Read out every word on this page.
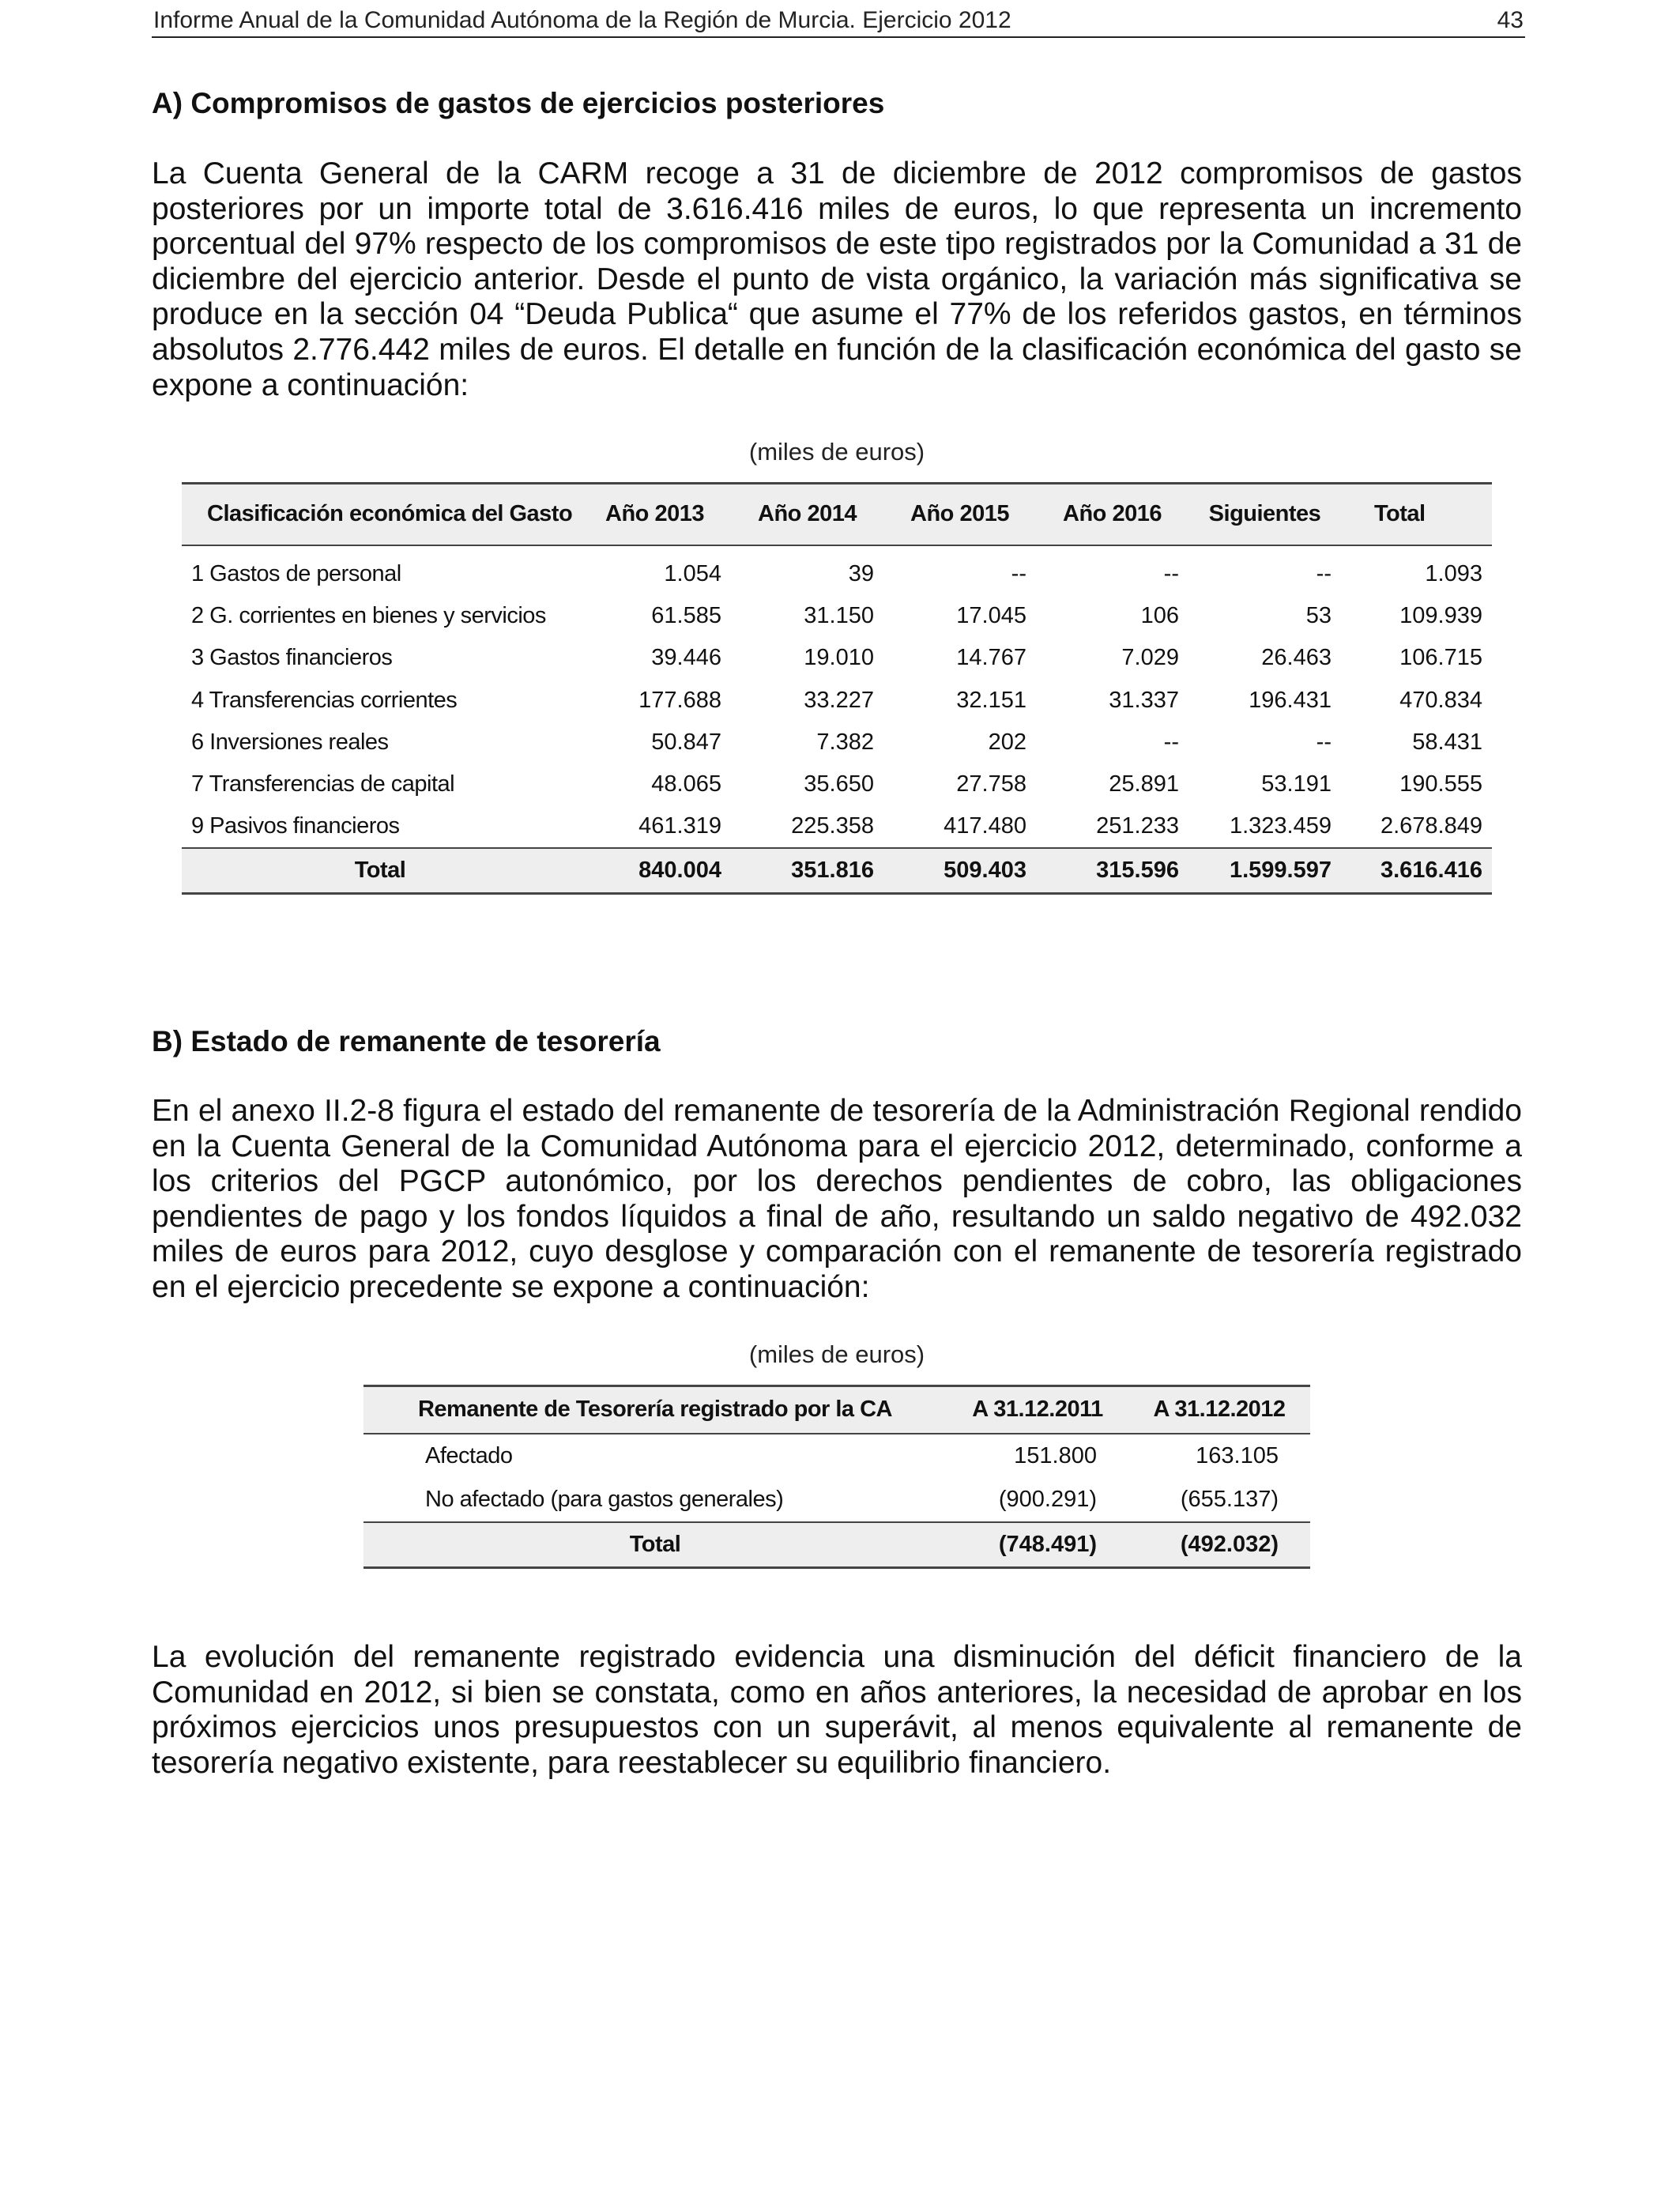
Informe Anual de la Comunidad Autónoma de la Región de Murcia. Ejercicio 2012	43
A) Compromisos de gastos de ejercicios posteriores
La Cuenta General de la CARM recoge a 31 de diciembre de 2012 compromisos de gastos posteriores por un importe total de 3.616.416 miles de euros, lo que representa un incremento porcentual del 97% respecto de los compromisos de este tipo registrados por la Comunidad a 31 de diciembre del ejercicio anterior. Desde el punto de vista orgánico, la variación más significativa se produce en la sección 04 “Deuda Publica“ que asume el 77% de los referidos gastos, en términos absolutos 2.776.442 miles de euros. El detalle en función de la clasificación económica del gasto se expone a continuación:
(miles de euros)
Clasificación económica del Gasto	Año 2013	Año 2014	Año 2015	Año 2016	Siguientes	Total

1 Gastos de personal	1.054	39	--	--	--	1.093
2 G. corrientes en bienes y servicios	61.585	31.150	17.045	106	53	109.939
3 Gastos financieros	39.446	19.010	14.767	7.029	26.463	106.715
4 Transferencias corrientes	177.688	33.227	32.151	31.337	196.431	470.834
6 Inversiones reales	50.847	7.382	202	--	--	58.431
7 Transferencias de capital	48.065	35.650	27.758	25.891	53.191	190.555
9 Pasivos financieros	461.319	225.358	417.480	251.233	1.323.459	2.678.849
Total	840.004	351.816	509.403	315.596	1.599.597	3.616.416
B) Estado de remanente de tesorería
En el anexo II.2-8 figura el estado del remanente de tesorería de la Administración Regional rendido en la Cuenta General de la Comunidad Autónoma para el ejercicio 2012, determinado, conforme a los criterios del PGCP autonómico, por los derechos pendientes de cobro, las obligaciones pendientes de pago y los fondos líquidos a final de año, resultando un saldo negativo de 492.032 miles de euros para 2012, cuyo desglose y comparación con el remanente de tesorería registrado en el ejercicio precedente se expone a continuación:
(miles de euros)
Remanente de Tesorería registrado por la CA	A 31.12.2011	A 31.12.2012
Afectado	151.800	163.105
No afectado (para gastos generales)	(900.291)	(655.137)
Total	(748.491)	(492.032)
La evolución del remanente registrado evidencia una disminución del déficit financiero de la Comunidad en 2012, si bien se constata, como en años anteriores, la necesidad de aprobar en los próximos ejercicios unos presupuestos con un superávit, al menos equivalente al remanente de tesorería negativo existente, para reestablecer su equilibrio financiero.
